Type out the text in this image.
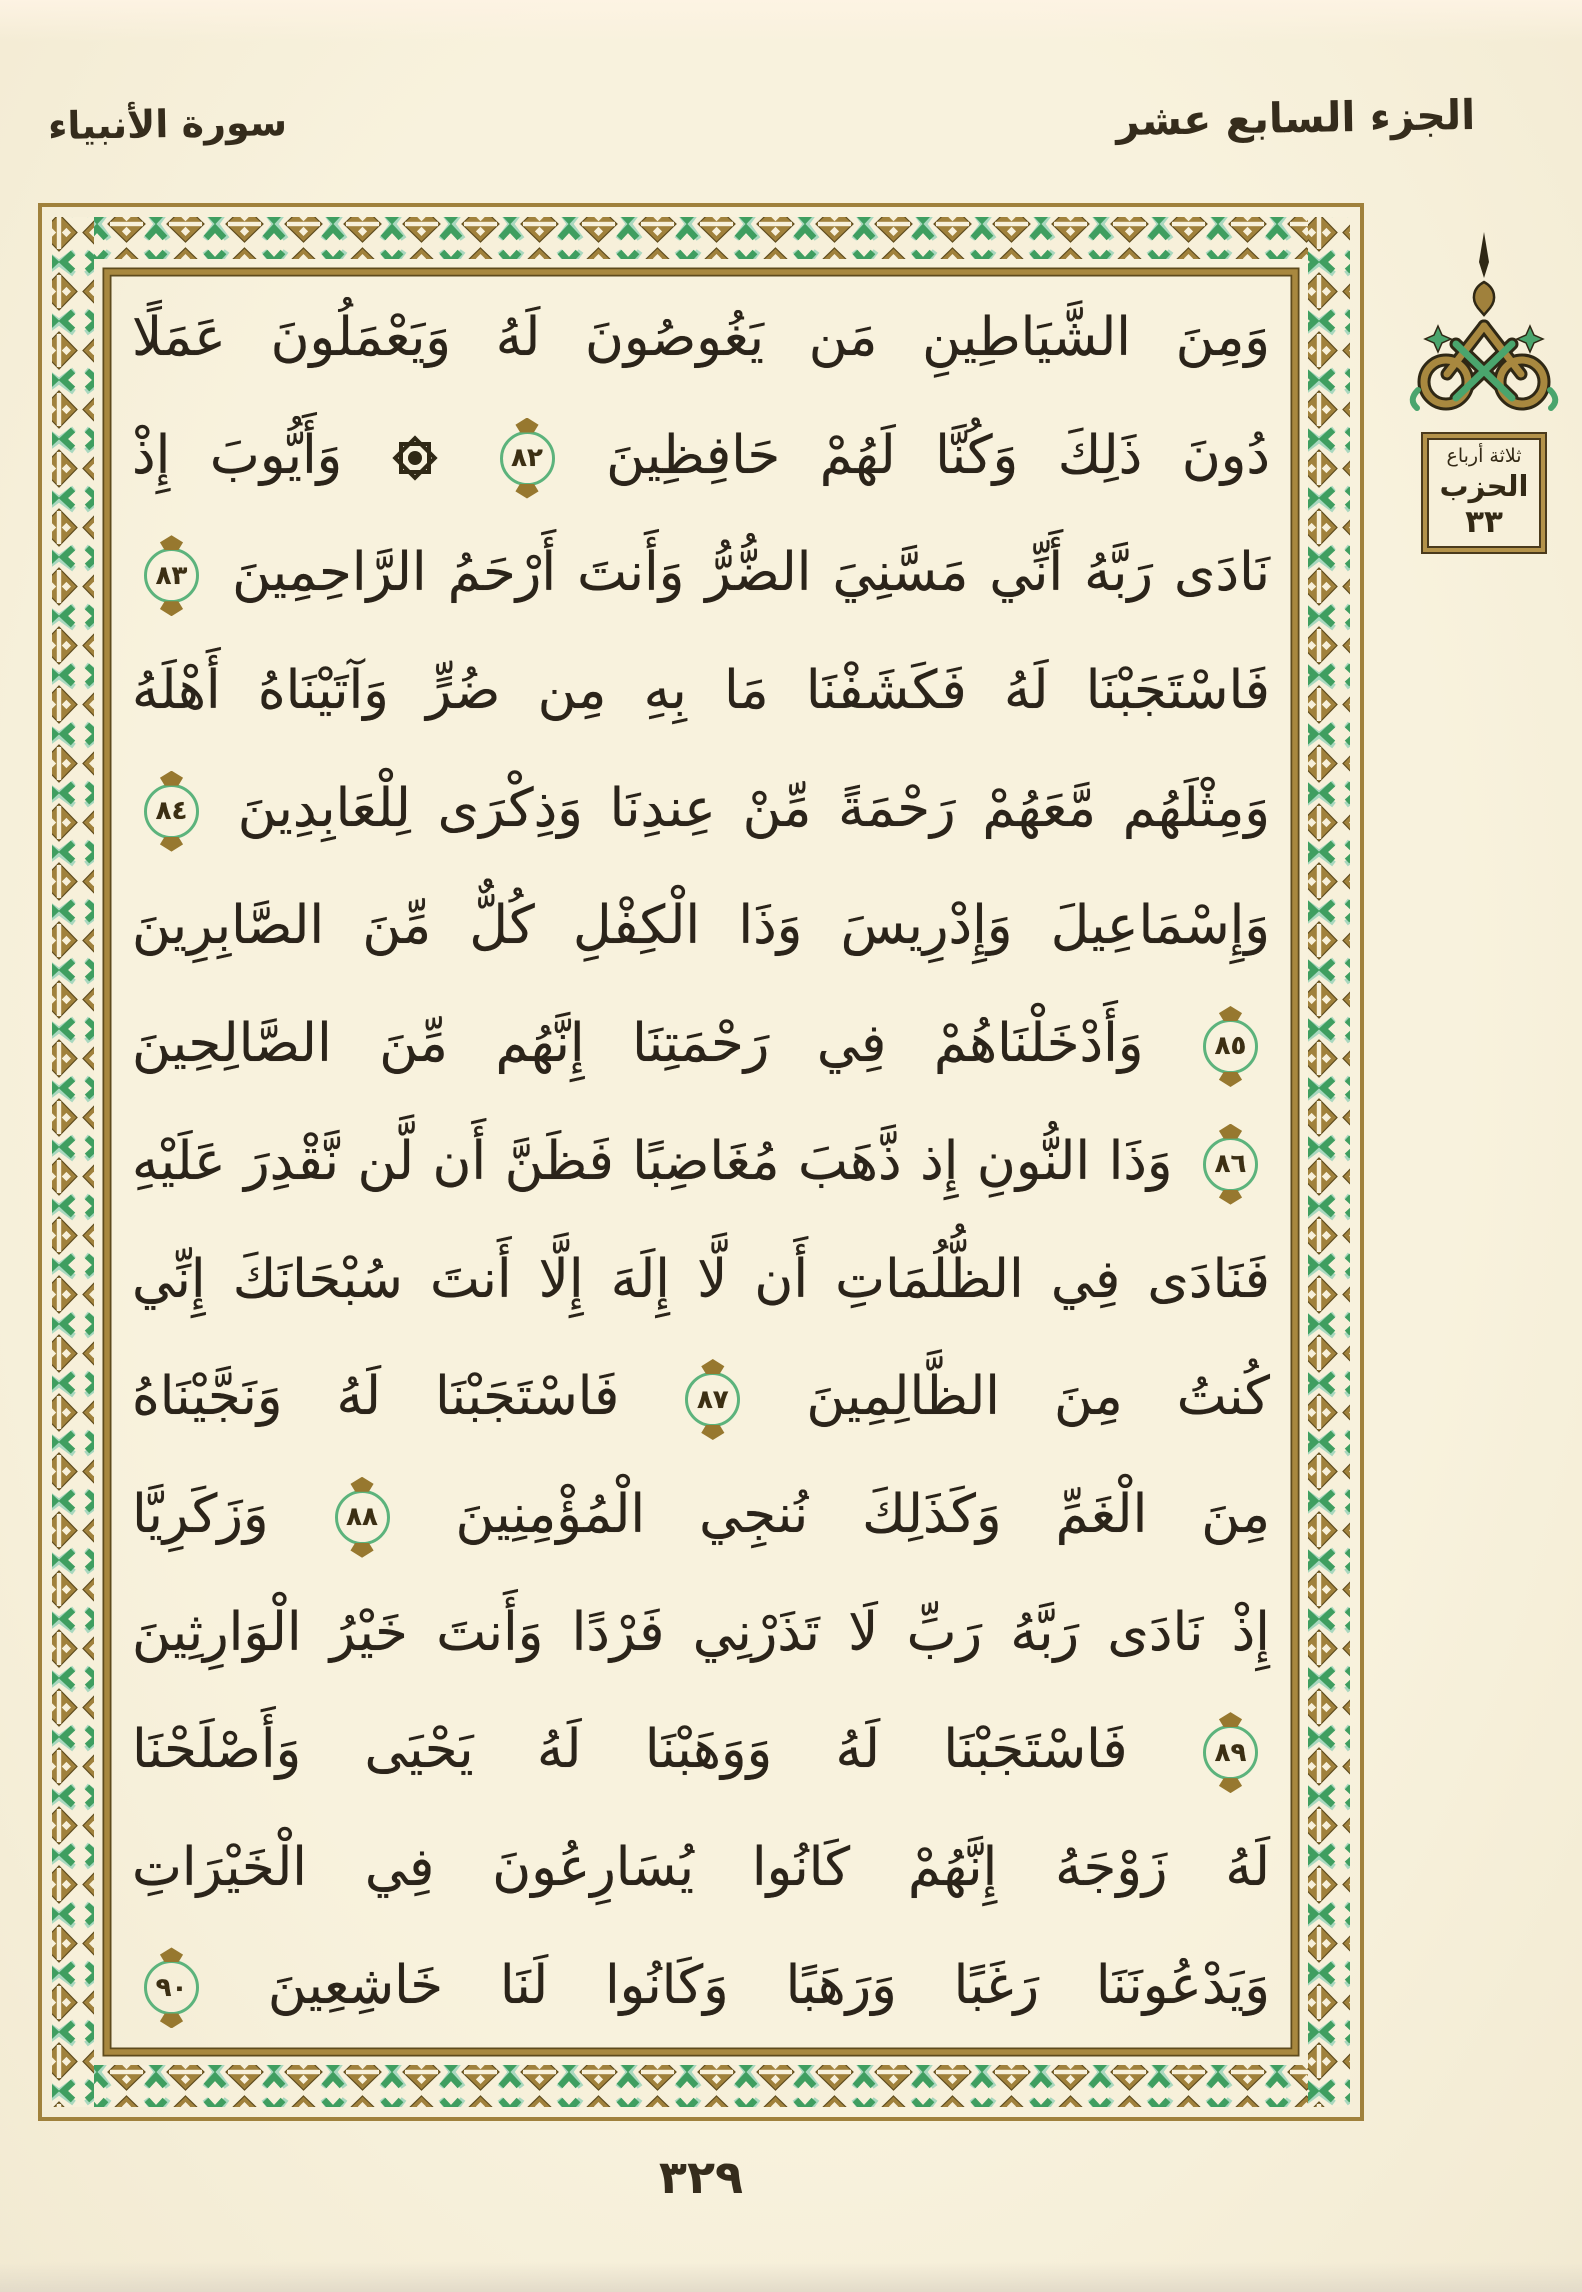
سورة الأنبياء	الجزء السابع عشر
وَمِنَ الشَّيَاطِينِ مَن يَغُوصُونَ لَهُ وَيَعْمَلُونَ عَمَلًا
دُونَ ذَلِكَ وَكُنَّا لَهُمْ حَافِظِينَ
٨٢

وَأَيُّوبَ إِذْ
نَادَى رَبَّهُ أَنِّي مَسَّنِيَ الضُّرُّ وَأَنتَ أَرْحَمُ الرَّاحِمِينَ
٨٣
فَاسْتَجَبْنَا لَهُ فَكَشَفْنَا مَا بِهِ مِن ضُرٍّ وَآتَيْنَاهُ أَهْلَهُ
وَمِثْلَهُم مَّعَهُمْ رَحْمَةً مِّنْ عِندِنَا وَذِكْرَى لِلْعَابِدِينَ
٨٤
وَإِسْمَاعِيلَ وَإِدْرِيسَ وَذَا الْكِفْلِ كُلٌّ مِّنَ الصَّابِرِينَ
٨٥
وَأَدْخَلْنَاهُمْ فِي رَحْمَتِنَا إِنَّهُم مِّنَ الصَّالِحِينَ
٨٦
وَذَا النُّونِ إِذ ذَّهَبَ مُغَاضِبًا فَظَنَّ أَن لَّن نَّقْدِرَ عَلَيْهِ
فَنَادَى فِي الظُّلُمَاتِ أَن لَّا إِلَهَ إِلَّا أَنتَ سُبْحَانَكَ إِنِّي
كُنتُ مِنَ الظَّالِمِينَ
٨٧
فَاسْتَجَبْنَا لَهُ وَنَجَّيْنَاهُ
مِنَ الْغَمِّ وَكَذَلِكَ نُنجِي الْمُؤْمِنِينَ
٨٨
وَزَكَرِيَّا
إِذْ نَادَى رَبَّهُ رَبِّ لَا تَذَرْنِي فَرْدًا وَأَنتَ خَيْرُ الْوَارِثِينَ
٨٩
فَاسْتَجَبْنَا لَهُ وَوَهَبْنَا لَهُ يَحْيَى وَأَصْلَحْنَا
لَهُ زَوْجَهُ إِنَّهُمْ كَانُوا يُسَارِعُونَ فِي الْخَيْرَاتِ
وَيَدْعُونَنَا رَغَبًا وَرَهَبًا وَكَانُوا لَنَا خَاشِعِينَ
٩٠
ثلاثة أرباع
الحزب
٣٣
٣٢٩
